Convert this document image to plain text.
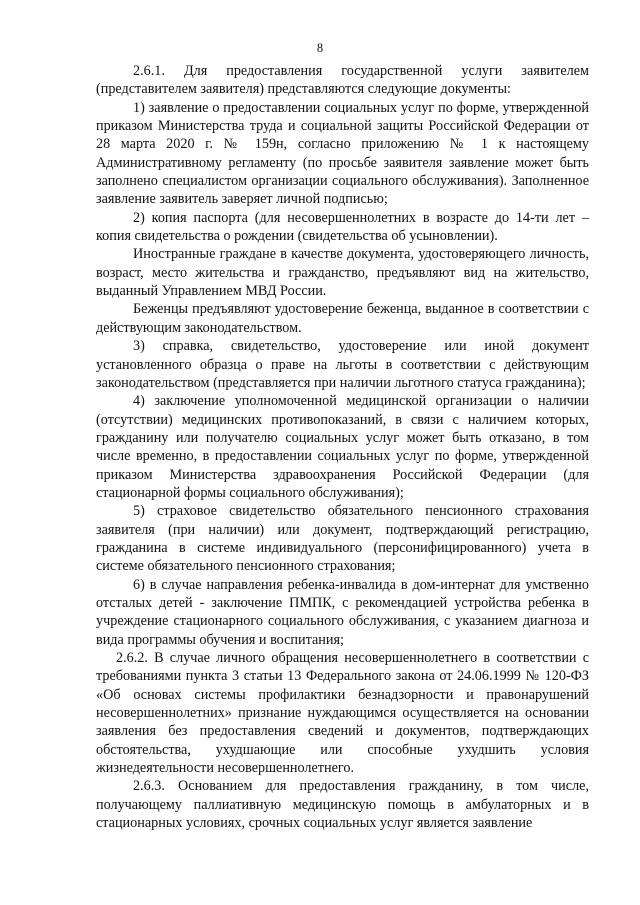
8

2.6.1. Для предоставления государственной услуги заявителем (представителем заявителя) представляются следующие документы:

1) заявление о предоставлении социальных услуг по форме, утвержденной приказом Министерства труда и социальной защиты Российской Федерации от 28 марта 2020 г. № 159н, согласно приложению № 1 к настоящему Административному регламенту (по просьбе заявителя заявление может быть заполнено специалистом организации социального обслуживания). Заполненное заявление заявитель заверяет личной подписью;

2) копия паспорта (для несовершеннолетних в возрасте до 14-ти лет – копия свидетельства о рождении (свидетельства об усыновлении).

Иностранные граждане в качестве документа, удостоверяющего личность, возраст, место жительства и гражданство, предъявляют вид на жительство, выданный Управлением МВД России.

Беженцы предъявляют удостоверение беженца, выданное в соответствии с действующим законодательством.

3) справка, свидетельство, удостоверение или иной документ установленного образца о праве на льготы в соответствии с действующим законодательством (представляется при наличии льготного статуса гражданина);

4) заключение уполномоченной медицинской организации о наличии (отсутствии) медицинских противопоказаний, в связи с наличием которых, гражданину или получателю социальных услуг может быть отказано, в том числе временно, в предоставлении социальных услуг по форме, утвержденной приказом Министерства здравоохранения Российской Федерации (для стационарной формы социального обслуживания);

5) страховое свидетельство обязательного пенсионного страхования заявителя (при наличии) или документ, подтверждающий регистрацию, гражданина в системе индивидуального (персонифицированного) учета в системе обязательного пенсионного страхования;

6) в случае направления ребенка-инвалида в дом-интернат для умственно отсталых детей - заключение ПМПК, с рекомендацией устройства ребенка в учреждение стационарного социального обслуживания, с указанием диагноза и вида программы обучения и воспитания;

2.6.2. В случае личного обращения несовершеннолетнего в соответствии с требованиями пункта 3 статьи 13 Федерального закона от 24.06.1999 № 120-ФЗ «Об основах системы профилактики безнадзорности и правонарушений несовершеннолетних» признание нуждающимся осуществляется на основании заявления без предоставления сведений и документов, подтверждающих обстоятельства, ухудшающие или способные ухудшить условия жизнедеятельности несовершеннолетнего.

2.6.3. Основанием для предоставления гражданину, в том числе, получающему паллиативную медицинскую помощь в амбулаторных и в стационарных условиях, срочных социальных услуг является заявление
